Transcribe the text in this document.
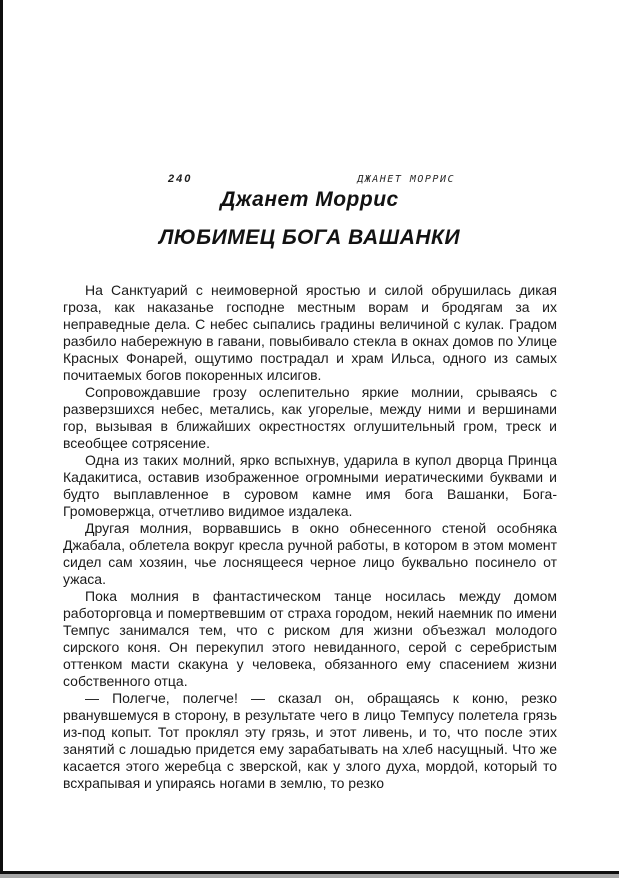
240	ДЖАНЕТ МОРРИС
Джанет Моррис
ЛЮБИМЕЦ БОГА ВАШАНКИ

На Санктуарий с неимоверной яростью и силой обрушилась дикая гроза, как наказанье господне местным ворам и бродягам за их неправедные дела. С небес сыпались градины величиной с кулак. Градом разбило набережную в гавани, повыбивало стекла в окнах домов по Улице Красных Фонарей, ощутимо пострадал и храм Ильса, одного из самых почитаемых богов покоренных илсигов.

Сопровождавшие грозу ослепительно яркие молнии, срываясь с разверзшихся небес, метались, как угорелые, между ними и вершинами гор, вызывая в ближайших окрестностях оглушительный гром, треск и всеобщее сотрясение.

Одна из таких молний, ярко вспыхнув, ударила в купол дворца Принца Кадакитиса, оставив изображенное огромными иератическими буквами и будто выплавленное в суровом камне имя бога Вашанки, Бога-Громовержца, отчетливо видимое издалека.

Другая молния, ворвавшись в окно обнесенного стеной особняка Джабала, облетела вокруг кресла ручной работы, в котором в этом момент сидел сам хозяин, чье лоснящееся черное лицо буквально посинело от ужаса.

Пока молния в фантастическом танце носилась между домом работорговца и помертвевшим от страха городом, некий наемник по имени Темпус занимался тем, что с риском для жизни объезжал молодого сирского коня. Он перекупил этого невиданного, серой с серебристым оттенком масти скакуна у человека, обязанного ему спасением жизни собственного отца.

— Полегче, полегче! — сказал он, обращаясь к коню, резко рванувшемуся в сторону, в результате чего в лицо Темпусу полетела грязь из-под копыт. Тот проклял эту грязь, и этот ливень, и то, что после этих занятий с лошадью придется ему зарабатывать на хлеб насущный. Что же касается этого жеребца с зверской, как у злого духа, мордой, который то всхрапывая и упираясь ногами в землю, то резко
